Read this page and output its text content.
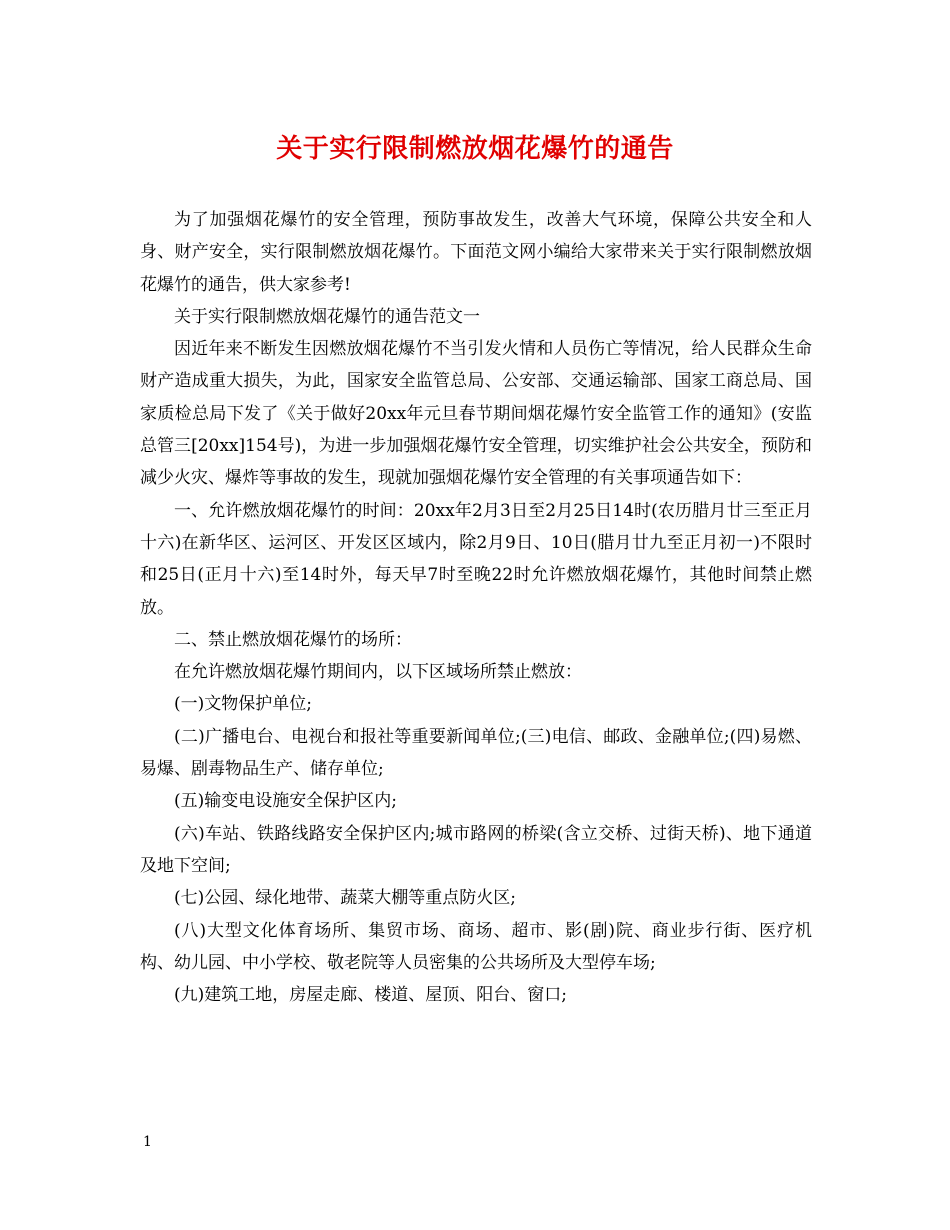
关于实行限制燃放烟花爆竹的通告

为了加强烟花爆竹的安全管理，预防事故发生，改善大气环境，保障公共安全和人身、财产安全，实行限制燃放烟花爆竹。下面范文网小编给大家带来关于实行限制燃放烟花爆竹的通告，供大家参考!

关于实行限制燃放烟花爆竹的通告范文一

因近年来不断发生因燃放烟花爆竹不当引发火情和人员伤亡等情况，给人民群众生命财产造成重大损失，为此，国家安全监管总局、公安部、交通运输部、国家工商总局、国家质检总局下发了《关于做好20xx年元旦春节期间烟花爆竹安全监管工作的通知》(安监总管三[20xx]154号)，为进一步加强烟花爆竹安全管理，切实维护社会公共安全，预防和减少火灾、爆炸等事故的发生，现就加强烟花爆竹安全管理的有关事项通告如下：

一、允许燃放烟花爆竹的时间：20xx年2月3日至2月25日14时(农历腊月廿三至正月十六)在新华区、运河区、开发区区域内，除2月9日、10日(腊月廿九至正月初一)不限时和25日(正月十六)至14时外，每天早7时至晚22时允许燃放烟花爆竹，其他时间禁止燃放。

二、禁止燃放烟花爆竹的场所：

在允许燃放烟花爆竹期间内，以下区域场所禁止燃放：

(一)文物保护单位;

(二)广播电台、电视台和报社等重要新闻单位;(三)电信、邮政、金融单位;(四)易燃、易爆、剧毒物品生产、储存单位;

(五)输变电设施安全保护区内;

(六)车站、铁路线路安全保护区内;城市路网的桥梁(含立交桥、过街天桥)、地下通道及地下空间;

(七)公园、绿化地带、蔬菜大棚等重点防火区;

(八)大型文化体育场所、集贸市场、商场、超市、影(剧)院、商业步行街、医疗机构、幼儿园、中小学校、敬老院等人员密集的公共场所及大型停车场;

(九)建筑工地，房屋走廊、楼道、屋顶、阳台、窗口;

1
